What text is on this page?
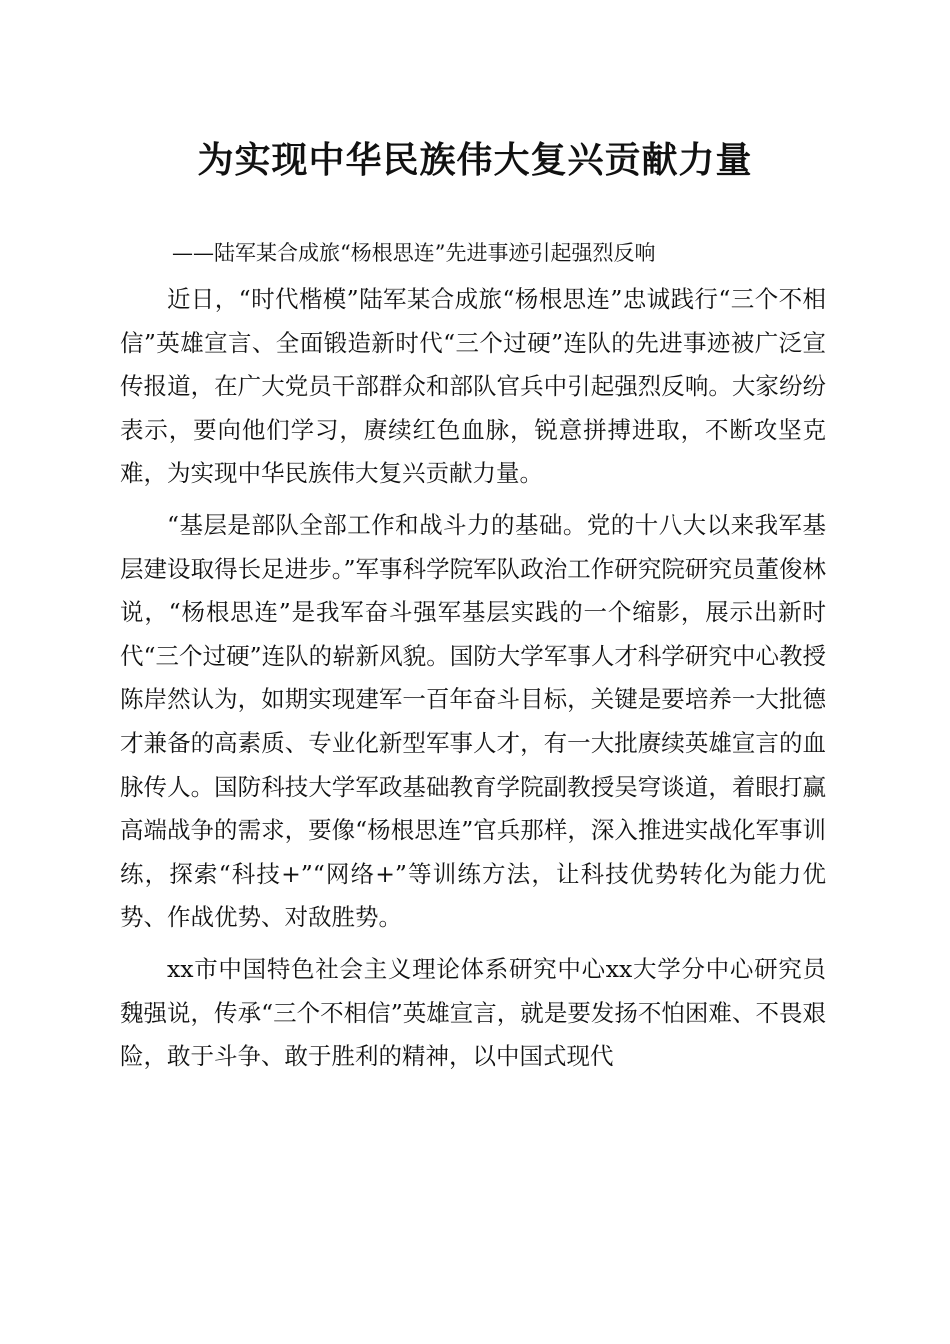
为实现中华民族伟大复兴贡献力量

——陆军某合成旅“杨根思连”先进事迹引起强烈反响

近日，“时代楷模”陆军某合成旅“杨根思连”忠诚践行“三个不相信”英雄宣言、全面锻造新时代“三个过硬”连队的先进事迹被广泛宣传报道，在广大党员干部群众和部队官兵中引起强烈反响。大家纷纷表示，要向他们学习，赓续红色血脉，锐意拼搏进取，不断攻坚克难，为实现中华民族伟大复兴贡献力量。

“基层是部队全部工作和战斗力的基础。党的十八大以来我军基层建设取得长足进步。”军事科学院军队政治工作研究院研究员董俊林说，“杨根思连”是我军奋斗强军基层实践的一个缩影，展示出新时代“三个过硬”连队的崭新风貌。国防大学军事人才科学研究中心教授陈岸然认为，如期实现建军一百年奋斗目标，关键是要培养一大批德才兼备的高素质、专业化新型军事人才，有一大批赓续英雄宣言的血脉传人。国防科技大学军政基础教育学院副教授吴穹谈道，着眼打赢高端战争的需求，要像“杨根思连”官兵那样，深入推进实战化军事训练，探索“科技+”“网络+”等训练方法，让科技优势转化为能力优势、作战优势、对敌胜势。

xx市中国特色社会主义理论体系研究中心xx大学分中心研究员魏强说，传承“三个不相信”英雄宣言，就是要发扬不怕困难、不畏艰险，敢于斗争、敢于胜利的精神，以中国式现代
